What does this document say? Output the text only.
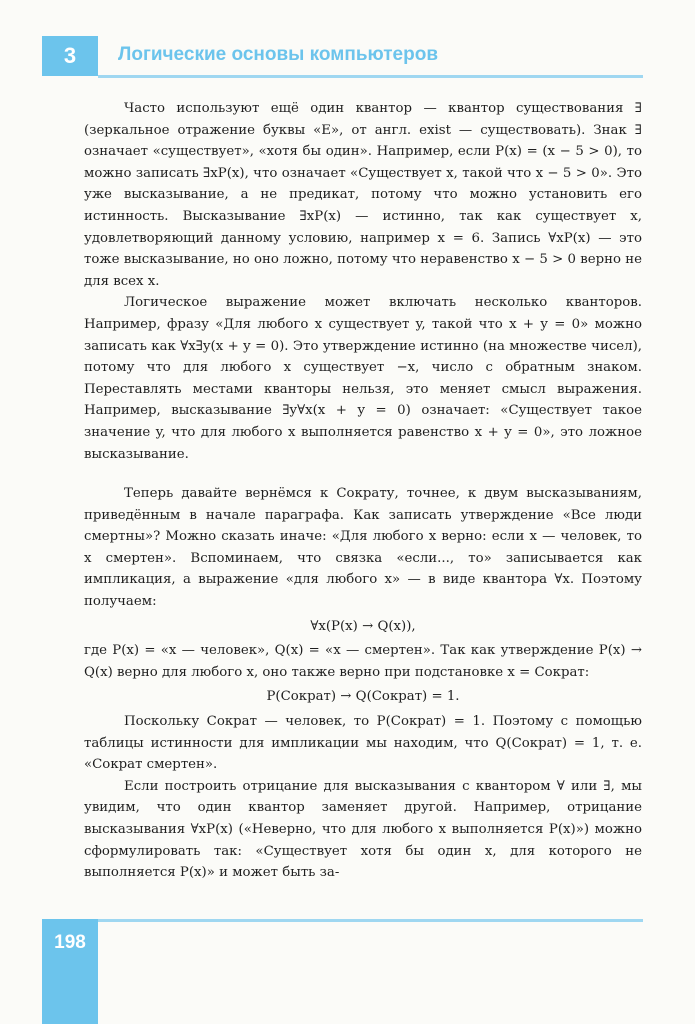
3	Логические основы компьютеров

Часто используют ещё один квантор — квантор существования ∃ (зеркальное отражение буквы «E», от англ. exist — существовать). Знак ∃ означает «существует», «хотя бы один». Например, если P(x) = (x − 5 > 0), то можно записать ∃xP(x), что означает «Существует x, такой что x − 5 > 0». Это уже высказывание, а не предикат, потому что можно установить его истинность. Высказывание ∃xP(x) — истинно, так как существует x, удовлетворяющий данному условию, например x = 6. Запись ∀xP(x) — это тоже высказывание, но оно ложно, потому что неравенство x − 5 > 0 верно не для всех x.

Логическое выражение может включать несколько кванторов. Например, фразу «Для любого x существует y, такой что x + y = 0» можно записать как ∀x∃y(x + y = 0). Это утверждение истинно (на множестве чисел), потому что для любого x существует −x, число с обратным знаком. Переставлять местами кванторы нельзя, это меняет смысл выражения. Например, высказывание ∃y∀x(x + y = 0) означает: «Существует такое значение y, что для любого x выполняется равенство x + y = 0», это ложное высказывание.

Теперь давайте вернёмся к Сократу, точнее, к двум высказываниям, приведённым в начале параграфа. Как записать утверждение «Все люди смертны»? Можно сказать иначе: «Для любого x верно: если x — человек, то x смертен». Вспоминаем, что связка «если..., то» записывается как импликация, а выражение «для любого x» — в виде квантора ∀x. Поэтому получаем:

∀x(P(x) → Q(x)),

где P(x) = «x — человек», Q(x) = «x — смертен». Так как утверждение P(x) → Q(x) верно для любого x, оно также верно при подстановке x = Сократ:

P(Сократ) → Q(Сократ) = 1.

Поскольку Сократ — человек, то P(Сократ) = 1. Поэтому с помощью таблицы истинности для импликации мы находим, что Q(Сократ) = 1, т. е. «Сократ смертен».

Если построить отрицание для высказывания с квантором ∀ или ∃, мы увидим, что один квантор заменяет другой. Например, отрицание высказывания ∀xP(x) («Неверно, что для любого x выполняется P(x)») можно сформулировать так: «Существует хотя бы один x, для которого не выполняется P(x)» и может быть за-

198
